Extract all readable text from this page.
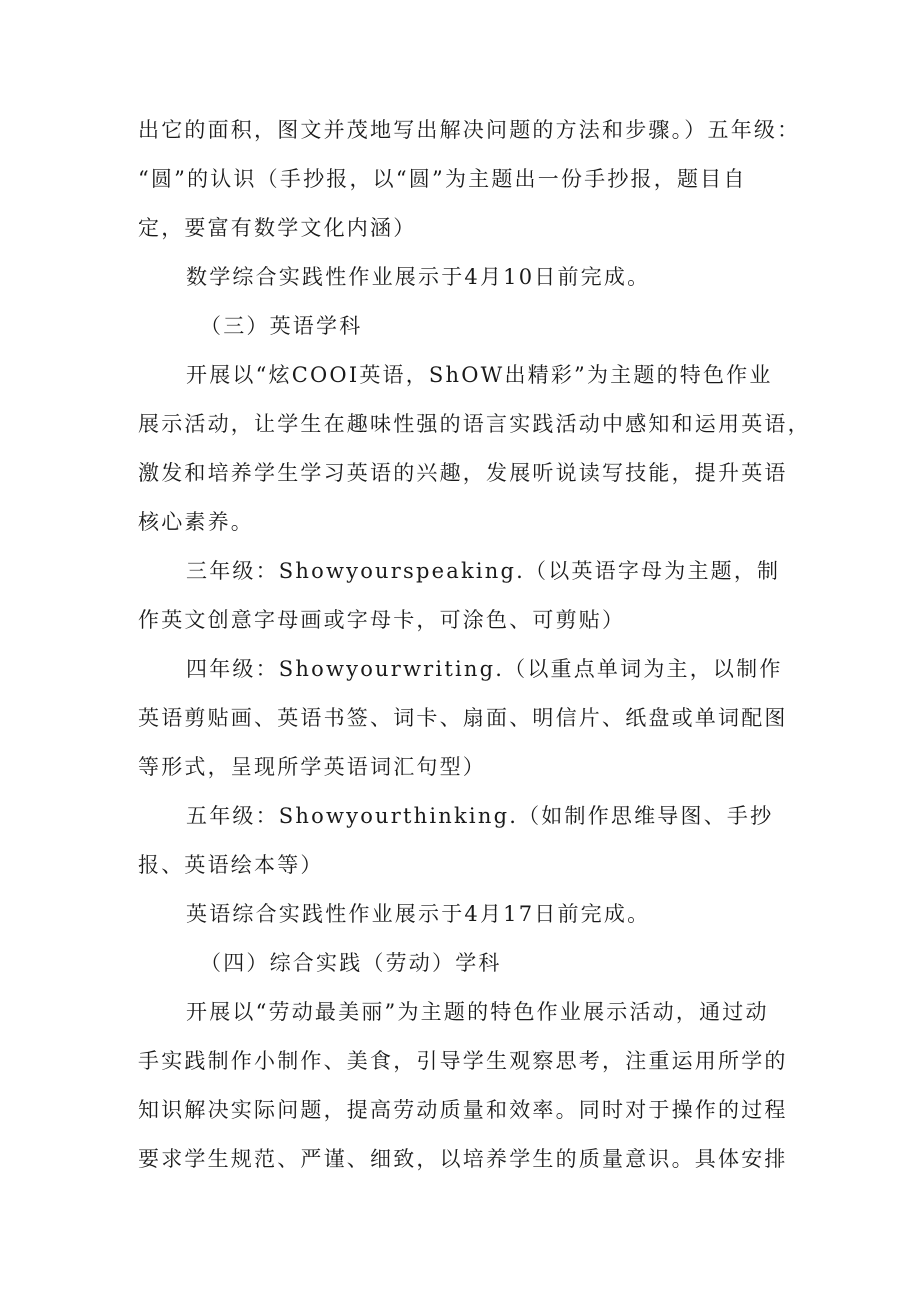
出它的面积，图文并茂地写出解决问题的方法和步骤。）五年级：
“圆”的认识（手抄报，以“圆”为主题出一份手抄报，题目自
定，要富有数学文化内涵）
数学综合实践性作业展示于4月10日前完成。
（三）英语学科
开展以“炫COOI英语，ShOW出精彩”为主题的特色作业
展示活动，让学生在趣味性强的语言实践活动中感知和运用英语，
激发和培养学生学习英语的兴趣，发展听说读写技能，提升英语
核心素养。
三年级：Showyourspeaking.（以英语字母为主题，制
作英文创意字母画或字母卡，可涂色、可剪贴）
四年级：Showyourwriting.（以重点单词为主，以制作
英语剪贴画、英语书签、词卡、扇面、明信片、纸盘或单词配图
等形式，呈现所学英语词汇句型）
五年级：Showyourthinking.（如制作思维导图、手抄
报、英语绘本等）
英语综合实践性作业展示于4月17日前完成。
（四）综合实践（劳动）学科
开展以“劳动最美丽”为主题的特色作业展示活动，通过动
手实践制作小制作、美食，引导学生观察思考，注重运用所学的
知识解决实际问题，提高劳动质量和效率。同时对于操作的过程
要求学生规范、严谨、细致，以培养学生的质量意识。具体安排
